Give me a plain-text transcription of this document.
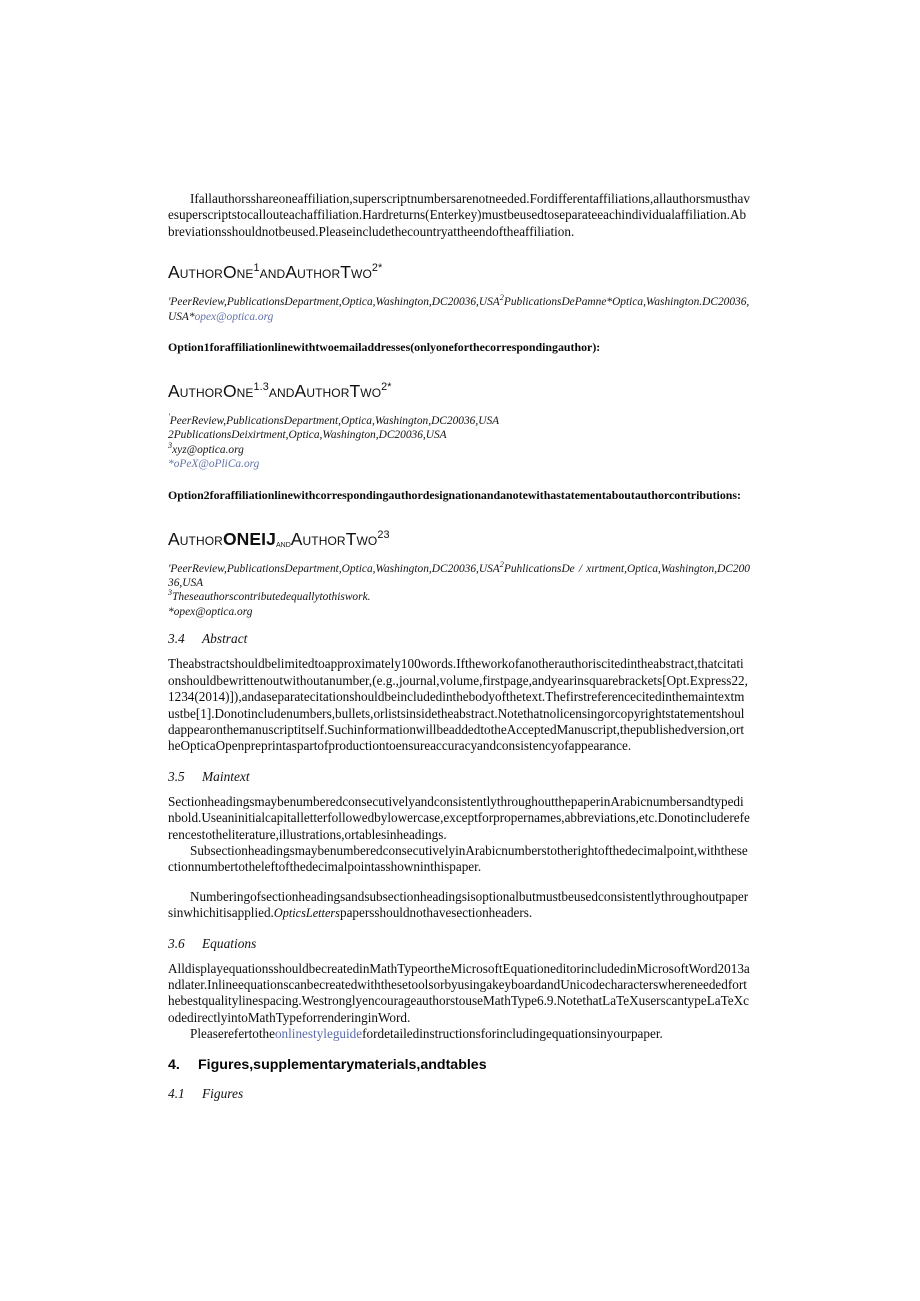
Ifallauthorsshareoneaffiliation,superscriptnumbersarenotneeded.Fordifferentaffiliations,allauthorsmusthavesuperscriptstocallouteachaffiliation.Hardreturns(Enterkey)mustbeusedtoseparateeachindividualaffiliation.Abbreviationsshouldnotbeused.Pleaseincludethecountryattheendoftheaffiliation.

AuthorOne$^1$andAuthorTwo$^{2*}$

'PeerReview,PublicationsDepartment,Optica,Washington,DC20036,USA$^2$PublicationsDePamne*Optica,Washington.DC20036,USA*opex@optica.org

Option1foraffiliationlinewithtwoemailaddresses(onlyoneforthecorrespondingauthor):

AuthorOne$^{1.3}$andAuthorTwo$^{2*}$

'PeerReview,PublicationsDepartment,Optica,Washington,DC20036,USA

2PublicationsDeixirtment,Optica,Washington,DC20036,USA

$^3$xyz@optica.org

*oPeX@oPliCa.org

Option2foraffiliationlinewithcorrespondingauthordesignationandanotewithastatementaboutauthorcontributions:

AuthorONEIJ$_{and}$AuthorTwo$^{23}$

'PeerReview,PublicationsDepartment,Optica,Washington,DC20036,USA$^2$PuhlicationsDe / xırtment,Optica,Washington,DC20036,USA

$^3$Theseauthorscontributedequallytothiswork.

*opex@optica.org

3.4 Abstract

Theabstractshouldbelimitedtoapproximately100words.Iftheworkofanotherauthoriscitedintheabstract,thatcitationshouldbewrittenoutwithoutanumber,(e.g.,journal,volume,firstpage,andyearinsquarebrackets[Opt.Express22,1234(2014)]),andaseparatecitationshouldbeincludedinthebodyofthetext.Thefirstreferencecitedinthemaintextmustbe[1].Donotincludenumbers,bullets,orlistsinsidetheabstract.Notethatnolicensingorcopyrightstatementshouldappearonthemanuscriptitself.SuchinformationwillbeaddedtotheAcceptedManuscript,thepublishedversion,ortheOpticaOpenpreprintaspartofproductiontoensureaccuracyandconsistencyofappearance.

3.5 Maintext

SectionheadingsmaybenumberedconsecutivelyandconsistentlythroughoutthepaperinArabicnumbersandtypedinbold.Useaninitialcapitalletterfollowedbylowercase,exceptforpropernames,abbreviations,etc.Donotincludereferencestotheliterature,illustrations,ortablesinheadings.

SubsectionheadingsmaybenumberedconsecutivelyinArabicnumberstotherightofthedecimalpoint,withthesectionnumbertotheleftofthedecimalpointasshowninthispaper.

Numberingofsectionheadingsandsubsectionheadingsisoptionalbutmustbeusedconsistentlythroughoutpapersinwhichitisapplied.OpticsLetterspapersshouldnothavesectionheaders.

3.6 Equations

AlldisplayequationsshouldbecreatedinMathTypeortheMicrosoftEquationeditorincludedinMicrosoftWord2013andlater.InlineequationscanbecreatedwiththesetoolsorbyusingakeyboardandUnicodecharacterswhereneededforthebestqualitylinespacing.WestronglyencourageauthorstouseMathType6.9.NotethatLaTeXuserscantypeLaTeXcodedirectlyintoMathTypeforrenderinginWord.

Pleaserefertotheonlinestyleguidefordetailedinstructionsforincludingequationsinyourpaper.

4. Figures,supplementarymaterials,andtables
4.1 Figures
